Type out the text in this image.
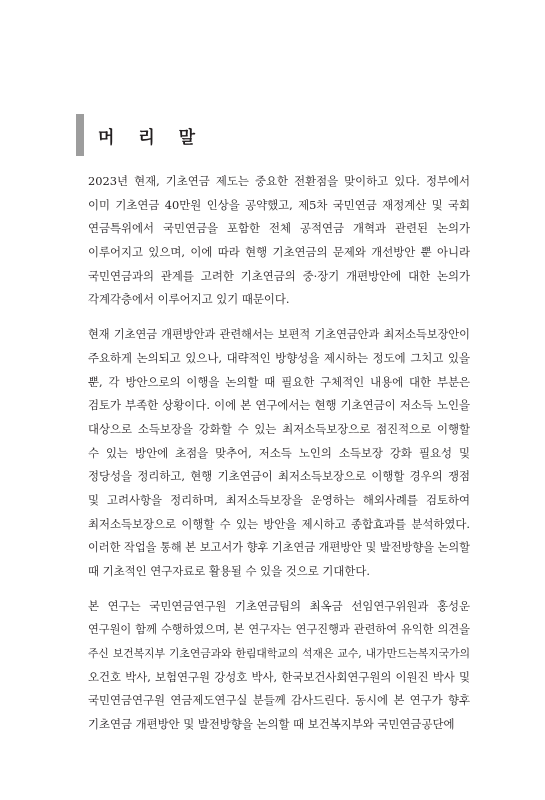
머 리 말
2023년 현재, 기초연금 제도는 중요한 전환점을 맞이하고 있다. 정부에서
이미 기초연금 40만원 인상을 공약했고, 제5차 국민연금 재정계산 및 국회
연금특위에서 국민연금을 포함한 전체 공적연금 개혁과 관련된 논의가
이루어지고 있으며, 이에 따라 현행 기초연금의 문제와 개선방안 뿐 아니라
국민연금과의 관계를 고려한 기초연금의 중·장기 개편방안에 대한 논의가
각계각층에서 이루어지고 있기 때문이다.
현재 기초연금 개편방안과 관련해서는 보편적 기초연금안과 최저소득보장안이
주요하게 논의되고 있으나, 대략적인 방향성을 제시하는 정도에 그치고 있을
뿐, 각 방안으로의 이행을 논의할 때 필요한 구체적인 내용에 대한 부분은
검토가 부족한 상황이다. 이에 본 연구에서는 현행 기초연금이 저소득 노인을
대상으로 소득보장을 강화할 수 있는 최저소득보장으로 점진적으로 이행할
수 있는 방안에 초점을 맞추어, 저소득 노인의 소득보장 강화 필요성 및
정당성을 정리하고, 현행 기초연금이 최저소득보장으로 이행할 경우의 쟁점
및 고려사항을 정리하며, 최저소득보장을 운영하는 해외사례를 검토하여
최저소득보장으로 이행할 수 있는 방안을 제시하고 종합효과를 분석하였다.
이러한 작업을 통해 본 보고서가 향후 기초연금 개편방안 및 발전방향을 논의할
때 기초적인 연구자료로 활용될 수 있을 것으로 기대한다.
본 연구는 국민연금연구원 기초연금팀의 최옥금 선임연구위원과 홍성운
연구원이 함께 수행하였으며, 본 연구자는 연구진행과 관련하여 유익한 의견을
주신 보건복지부 기초연금과와 한림대학교의 석재은 교수, 내가만드는복지국가의
오건호 박사, 보험연구원 강성호 박사, 한국보건사회연구원의 이원진 박사 및
국민연금연구원 연금제도연구실 분들께 감사드린다. 동시에 본 연구가 향후
기초연금 개편방안 및 발전방향을 논의할 때 보건복지부와 국민연금공단에
